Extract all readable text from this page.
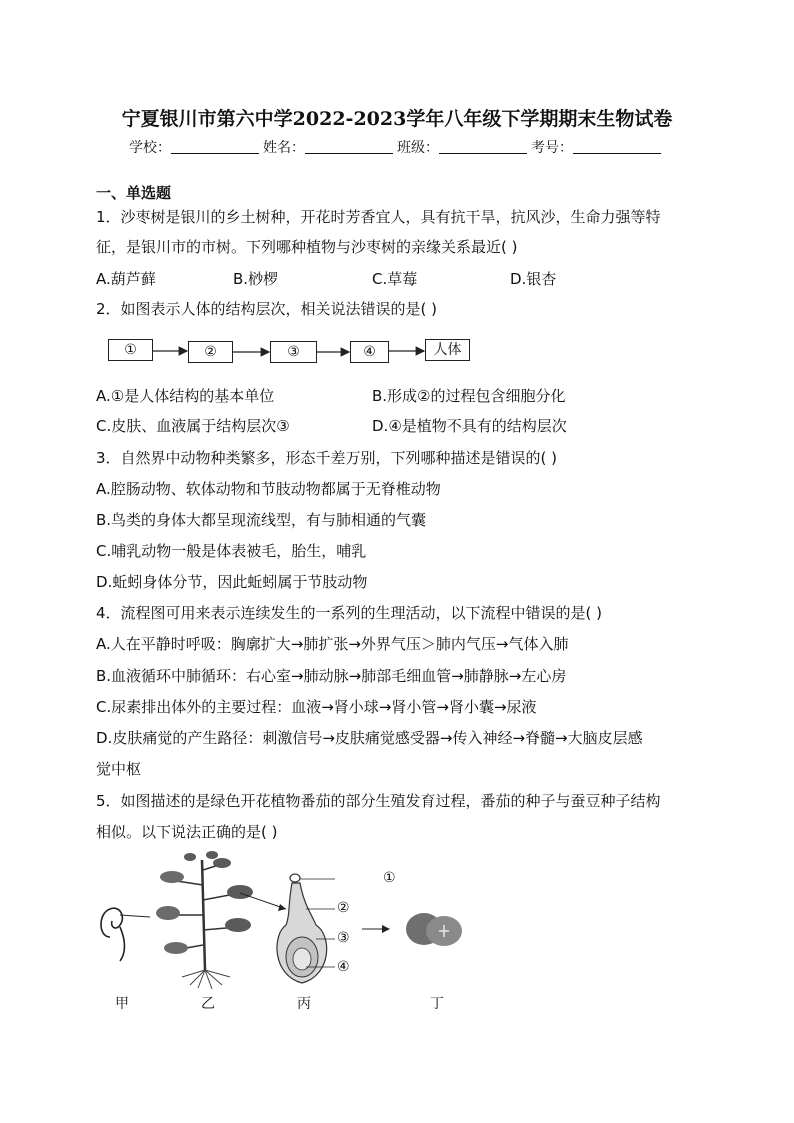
宁夏银川市第六中学2022-2023学年八年级下学期期末生物试卷
学校：	姓名：	班级：	考号：
一、单选题
1．沙枣树是银川的乡土树种，开花时芳香宜人，具有抗干旱，抗风沙，生命力强等特
征，是银川市的市树。下列哪种植物与沙枣树的亲缘关系最近( )
A.葫芦藓	B.桫椤	C.草莓	D.银杏
2．如图表示人体的结构层次，相关说法错误的是( )
①	②	③	④	人体
A.①是人体结构的基本单位	B.形成②的过程包含细胞分化
C.皮肤、血液属于结构层次③	D.④是植物不具有的结构层次
3．自然界中动物种类繁多，形态千差万别，下列哪种描述是错误的( )
A.腔肠动物、软体动物和节肢动物都属于无脊椎动物
B.鸟类的身体大都呈现流线型，有与肺相通的气囊
C.哺乳动物一般是体表被毛，胎生，哺乳
D.蚯蚓身体分节，因此蚯蚓属于节肢动物
4．流程图可用来表示连续发生的一系列的生理活动，以下流程中错误的是( )
A.人在平静时呼吸：胸廓扩大→肺扩张→外界气压＞肺内气压→气体入肺
B.血液循环中肺循环：右心室→肺动脉→肺部毛细血管→肺静脉→左心房
C.尿素排出体外的主要过程：血液→肾小球→肾小管→肾小囊→尿液
D.皮肤痛觉的产生路径：刺激信号→皮肤痛觉感受器→传入神经→脊髓→大脑皮层感
觉中枢
5．如图描述的是绿色开花植物番茄的部分生殖发育过程，番茄的种子与蚕豆种子结构
相似。以下说法正确的是( )
①
②
③
④
甲	乙	丙	丁
